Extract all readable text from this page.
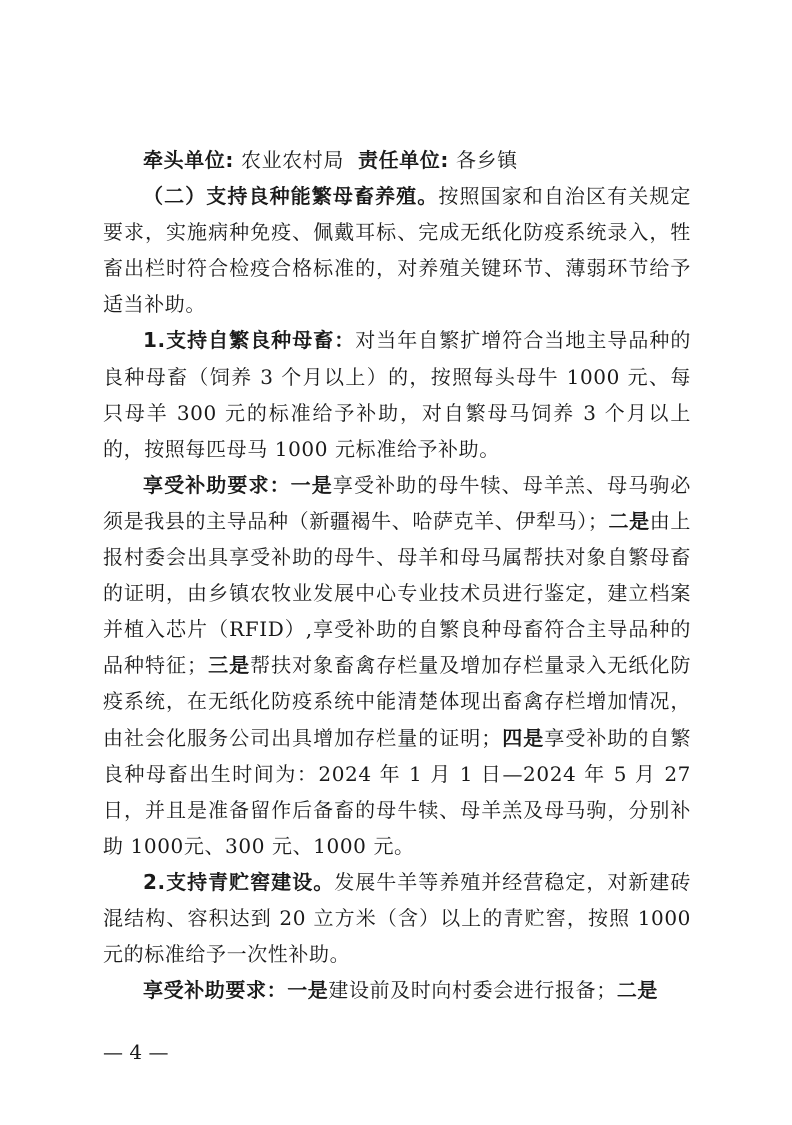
牵头单位: 农业农村局 责任单位: 各乡镇

（二）支持良种能繁母畜养殖。按照国家和自治区有关规定要求，实施病种免疫、佩戴耳标、完成无纸化防疫系统录入，牲畜出栏时符合检疫合格标准的，对养殖关键环节、薄弱环节给予适当补助。

1.支持自繁良种母畜：对当年自繁扩增符合当地主导品种的良种母畜（饲养 3 个月以上）的，按照每头母牛 1000 元、每只母羊 300 元的标准给予补助，对自繁母马饲养 3 个月以上的，按照每匹母马 1000 元标准给予补助。

享受补助要求：一是享受补助的母牛犊、母羊羔、母马驹必须是我县的主导品种（新疆褐牛、哈萨克羊、伊犁马）；二是由上报村委会出具享受补助的母牛、母羊和母马属帮扶对象自繁母畜的证明，由乡镇农牧业发展中心专业技术员进行鉴定，建立档案并植入芯片（RFID）,享受补助的自繁良种母畜符合主导品种的品种特征；三是帮扶对象畜禽存栏量及增加存栏量录入无纸化防疫系统，在无纸化防疫系统中能清楚体现出畜禽存栏增加情况，由社会化服务公司出具增加存栏量的证明；四是享受补助的自繁良种母畜出生时间为：2024 年 1 月 1 日—2024 年 5 月 27 日，并且是准备留作后备畜的母牛犊、母羊羔及母马驹，分别补助 1000元、300 元、1000 元。

2.支持青贮窖建设。发展牛羊等养殖并经营稳定，对新建砖混结构、容积达到 20 立方米（含）以上的青贮窖，按照 1000元的标准给予一次性补助。

享受补助要求：一是建设前及时向村委会进行报备；二是

— 4 —
